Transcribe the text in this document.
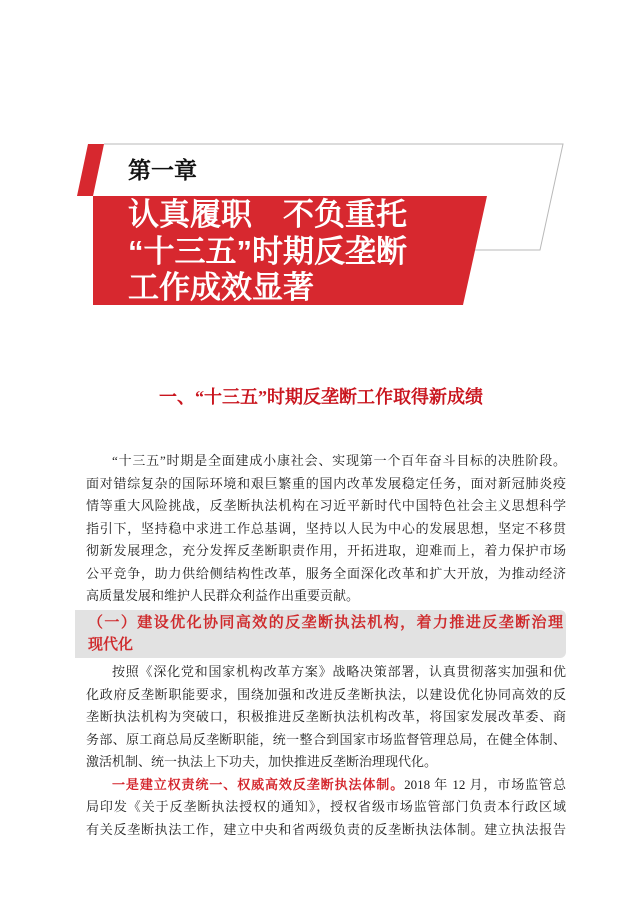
第一章
认真履职　不负重托
“十三五”时期反垄断
工作成效显著
一、“十三五”时期反垄断工作取得新成绩
“十三五”时期是全面建成小康社会、实现第一个百年奋斗目标的决胜阶段。
面对错综复杂的国际环境和艰巨繁重的国内改革发展稳定任务，面对新冠肺炎疫
情等重大风险挑战，反垄断执法机构在习近平新时代中国特色社会主义思想科学
指引下，坚持稳中求进工作总基调，坚持以人民为中心的发展思想，坚定不移贯
彻新发展理念，充分发挥反垄断职责作用，开拓进取，迎难而上，着力保护市场
公平竞争，助力供给侧结构性改革，服务全面深化改革和扩大开放，为推动经济
高质量发展和维护人民群众利益作出重要贡献。
（一）建设优化协同高效的反垄断执法机构，着力推进反垄断治理
现代化
按照《深化党和国家机构改革方案》战略决策部署，认真贯彻落实加强和优
化政府反垄断职能要求，围绕加强和改进反垄断执法，以建设优化协同高效的反
垄断执法机构为突破口，积极推进反垄断执法机构改革，将国家发展改革委、商
务部、原工商总局反垄断职能，统一整合到国家市场监督管理总局，在健全体制、
激活机制、统一执法上下功夫，加快推进反垄断治理现代化。
一是建立权责统一、权威高效反垄断执法体制。2018 年 12 月，市场监管总
局印发《关于反垄断执法授权的通知》，授权省级市场监管部门负责本行政区域
有关反垄断执法工作，建立中央和省两级负责的反垄断执法体制。建立执法报告
